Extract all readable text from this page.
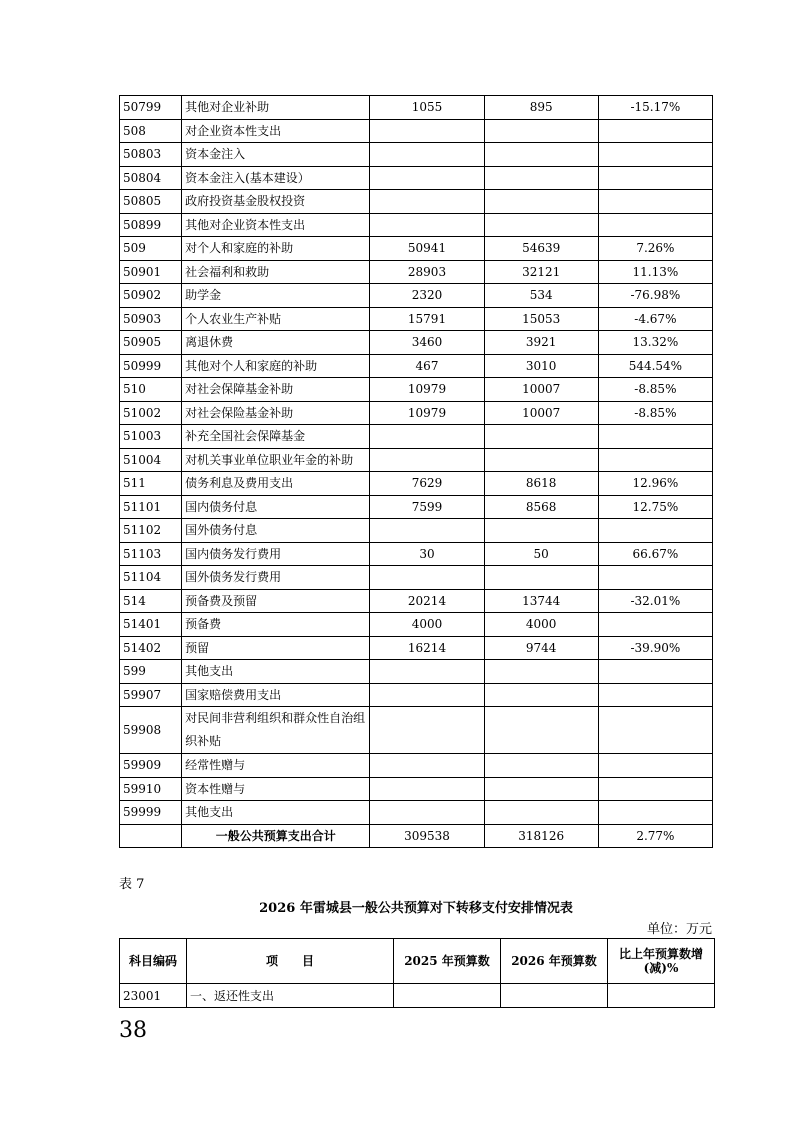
50799	其他对企业补助	1055	895	-15.17%
508	对企业资本性支出			
50803	资本金注入			
50804	资本金注入(基本建设）			
50805	政府投资基金股权投资			
50899	其他对企业资本性支出			
509	对个人和家庭的补助	50941	54639	7.26%
50901	社会福利和救助	28903	32121	11.13%
50902	助学金	2320	534	-76.98%
50903	个人农业生产补贴	15791	15053	-4.67%
50905	离退休费	3460	3921	13.32%
50999	其他对个人和家庭的补助	467	3010	544.54%
510	对社会保障基金补助	10979	10007	-8.85%
51002	对社会保险基金补助	10979	10007	-8.85%
51003	补充全国社会保障基金			
51004	对机关事业单位职业年金的补助			
511	债务利息及费用支出	7629	8618	12.96%
51101	国内债务付息	7599	8568	12.75%
51102	国外债务付息			
51103	国内债务发行费用	30	50	66.67%
51104	国外债务发行费用			
514	预备费及预留	20214	13744	-32.01%
51401	预备费	4000	4000	
51402	预留	16214	9744	-39.90%
599	其他支出			
59907	国家赔偿费用支出			
59908	对民间非营利组织和群众性自治组织补贴			
59909	经常性赠与			
59910	资本性赠与			
59999	其他支出			
	一般公共预算支出合计	309538	318126	2.77%
表 7
2026 年雷城县一般公共预算对下转移支付安排情况表
单位：万元
科目编码	项　　目	2025 年预算数	2026 年预算数	比上年预算数增(减)%
23001	一、返还性支出			
38
